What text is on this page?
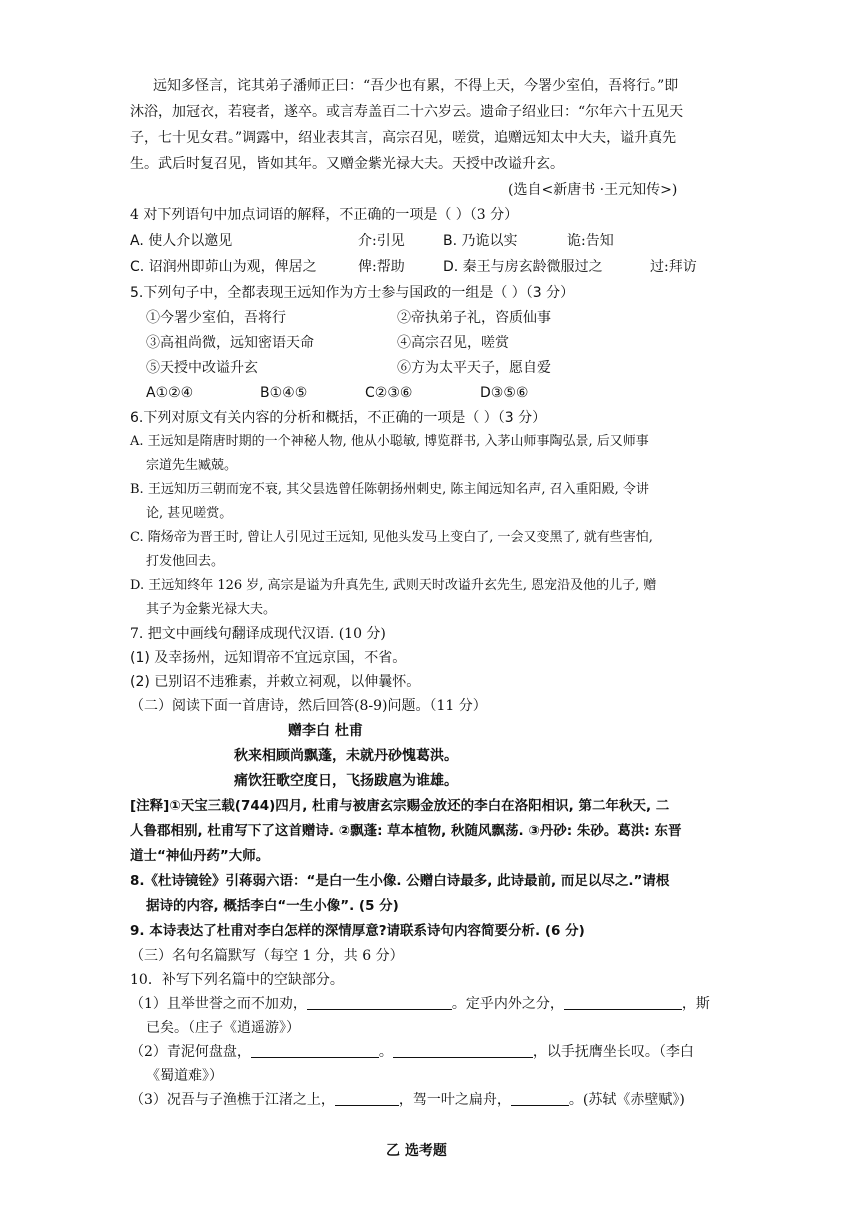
远知多怪言，诧其弟子潘师正曰：“吾少也有累，不得上天，今署少室伯，吾将行。”即
沐浴，加冠衣，若寝者，遂卒。或言寿盖百二十六岁云。遗命子绍业曰：“尔年六十五见天
子，七十见女君。”调露中，绍业表其言，高宗召见，嗟赏，追赠远知太中大夫，谥升真先
生。武后时复召见，皆如其年。又赠金紫光禄大夫。天授中改谥升玄。
(选自<新唐书 ·王元知传>)
4 对下列语句中加点词语的解释，不正确的一项是（ ）（3 分）
A. 使人介以邀见	介:引见	B. 乃诡以实	诡:告知
C. 诏润州即茆山为观，俾居之	俾:帮助	D. 秦王与房玄龄微服过之	过:拜访
5.下列句子中，全都表现王远知作为方士参与国政的一组是（ ）（3 分）
①今署少室伯，吾将行	②帝执弟子礼，咨质仙事
③高祖尚微，远知密语天命	④高宗召见，嗟赏
⑤天授中改谥升玄	⑥方为太平天子，愿自爱
A①②④	B①④⑤	C②③⑥	D③⑤⑥
6.下列对原文有关内容的分析和概括，不正确的一项是（ ）（3 分）
A. 王远知是隋唐时期的一个神秘人物, 他从小聪敏, 博览群书, 入茅山师事陶弘景, 后又师事
宗道先生臧兢。
B. 王远知历三朝而宠不衰, 其父昙选曾任陈朝扬州刺史, 陈主闻远知名声, 召入重阳殿, 令讲
论, 甚见嗟赏。
C. 隋炀帝为晋王时, 曾让人引见过王远知, 见他头发马上变白了, 一会又变黑了, 就有些害怕,
打发他回去。
D. 王远知终年 126 岁, 高宗是谥为升真先生, 武则天时改谥升玄先生, 恩宠沿及他的儿子, 赠
其子为金紫光禄大夫。
7. 把文中画线句翻译成现代汉语. (10 分)
(1) 及幸扬州，远知谓帝不宜远京国，不省。
(2) 已别诏不违雅素，并敕立祠观，以伸曩怀。
（二）阅读下面一首唐诗，然后回答(8-9)问题。（11 分）
赠李白 杜甫
秋来相顾尚飘蓬，未就丹砂愧葛洪。
痛饮狂歌空度日，飞扬跋扈为谁雄。
[注释]①天宝三载(744)四月, 杜甫与被唐玄宗赐金放还的李白在洛阳相识, 第二年秋天, 二
人鲁郡相别, 杜甫写下了这首赠诗. ②飘蓬: 草本植物, 秋随风飘荡. ③丹砂: 朱砂。葛洪: 东晋
道士“神仙丹药”大师。
8.《杜诗镜铨》引蒋弱六语：“是白一生小像. 公赠白诗最多, 此诗最前, 而足以尽之.”请根
据诗的内容, 概括李白“一生小像”. (5 分)
9. 本诗表达了杜甫对李白怎样的深情厚意?请联系诗句内容简要分析. (6 分)
（三）名句名篇默写（每空 1 分，共 6 分）
10．补写下列名篇中的空缺部分。
（1）且举世誉之而不加劝，	。定乎内外之分，	，斯
已矣。（庄子《逍遥游》）
（2）青泥何盘盘，	。	，以手抚膺坐长叹。（李白
《蜀道难》）
（3）况吾与子渔樵于江渚之上，	，驾一叶之扁舟，	。(苏轼《赤壁赋》)
乙 选考题
